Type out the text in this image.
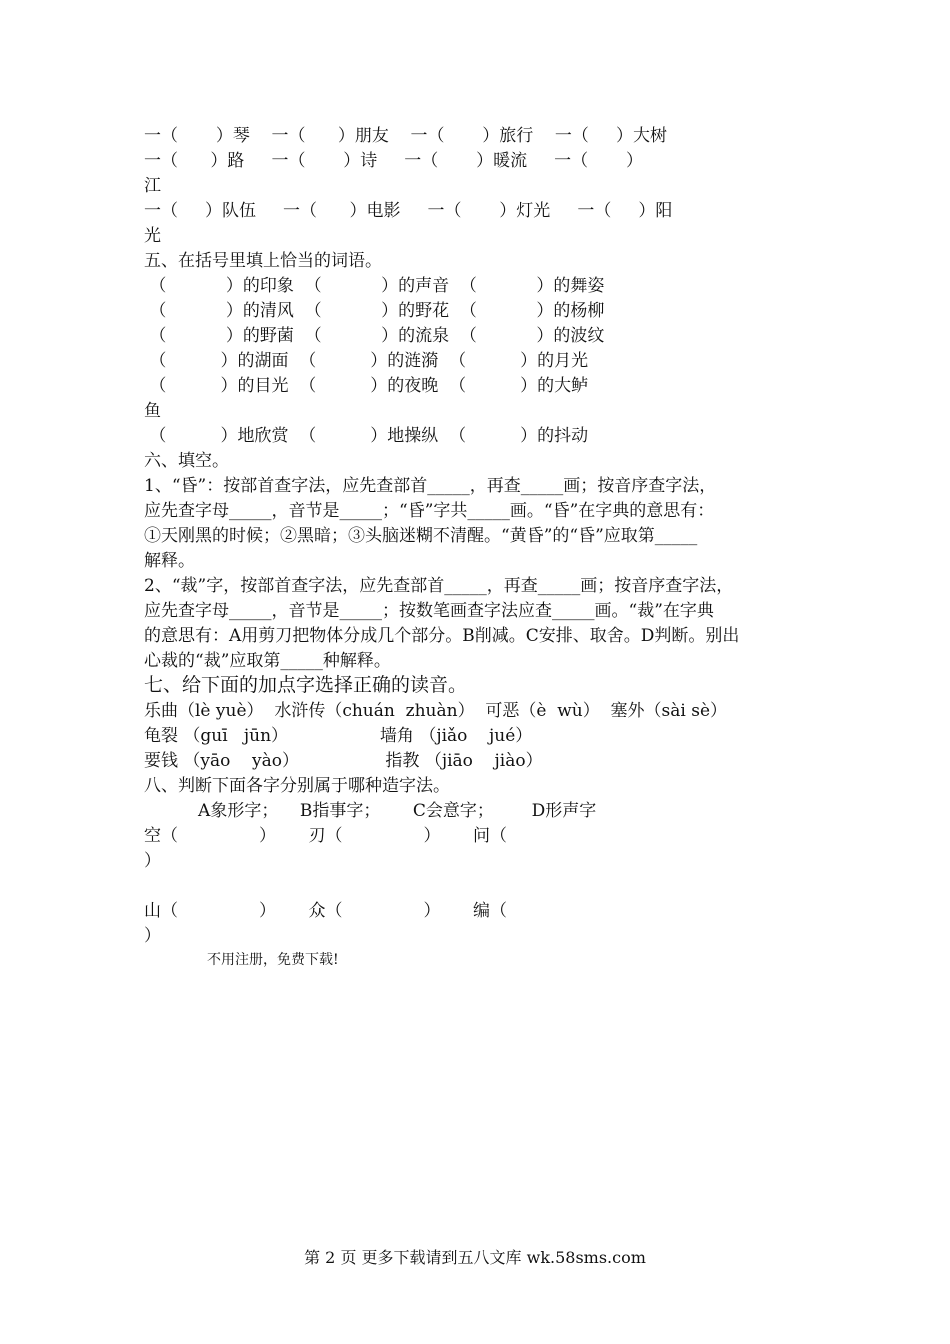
一（       ）琴    一（      ）朋友    一（       ）旅行    一（     ）大树
一（      ）路     一（       ）诗     一（       ）暖流     一（       ）
江
一（     ）队伍     一（      ）电影     一（       ）灯光     一（     ）阳
光
五、在括号里填上恰当的词语。
（           ）的印象  （           ）的声音  （           ）的舞姿
（           ）的清风  （           ）的野花  （           ）的杨柳
（           ）的野菌  （           ）的流泉  （           ）的波纹
（          ）的湖面  （          ）的涟漪  （          ）的月光
（          ）的目光  （          ）的夜晚  （          ）的大鲈
鱼
（          ）地欣赏  （          ）地操纵  （          ）的抖动
六、填空。
1、“昏”：按部首查字法，应先查部首_____，再查_____画；按音序查字法，
应先查字母_____，音节是_____；“昏”字共_____画。“昏”在字典的意思有：
①天刚黑的时候；②黑暗；③头脑迷糊不清醒。“黄昏”的“昏”应取第_____
解释。
2、“裁”字，按部首查字法，应先查部首_____，再查_____画；按音序查字法，
应先查字母_____，音节是_____；按数笔画查字法应查_____画。“裁”在字典
的意思有：A用剪刀把物体分成几个部分。B削减。C安排、取舍。D判断。别出
心裁的“裁”应取第_____种解释。
七、给下面的加点字选择正确的读音。
乐曲（lè yuè）  水浒传（chuán  zhuàn）  可恶（è  wù）  塞外（sài sè）
龟裂 （guī   jūn）                 墙角 （jiǎo    jué）
要钱 （yāo    yào）                指教 （jiāo    jiào）
八、判断下面各字分别属于哪种造字法。
A象形字；    B指事字；      C会意字；       D形声字
空（               ）      刃（               ）      问（
）
山（               ）      众（               ）      编（
）
不用注册，免费下载!
第 2 页 更多下载请到五八文库 wk.58sms.com
